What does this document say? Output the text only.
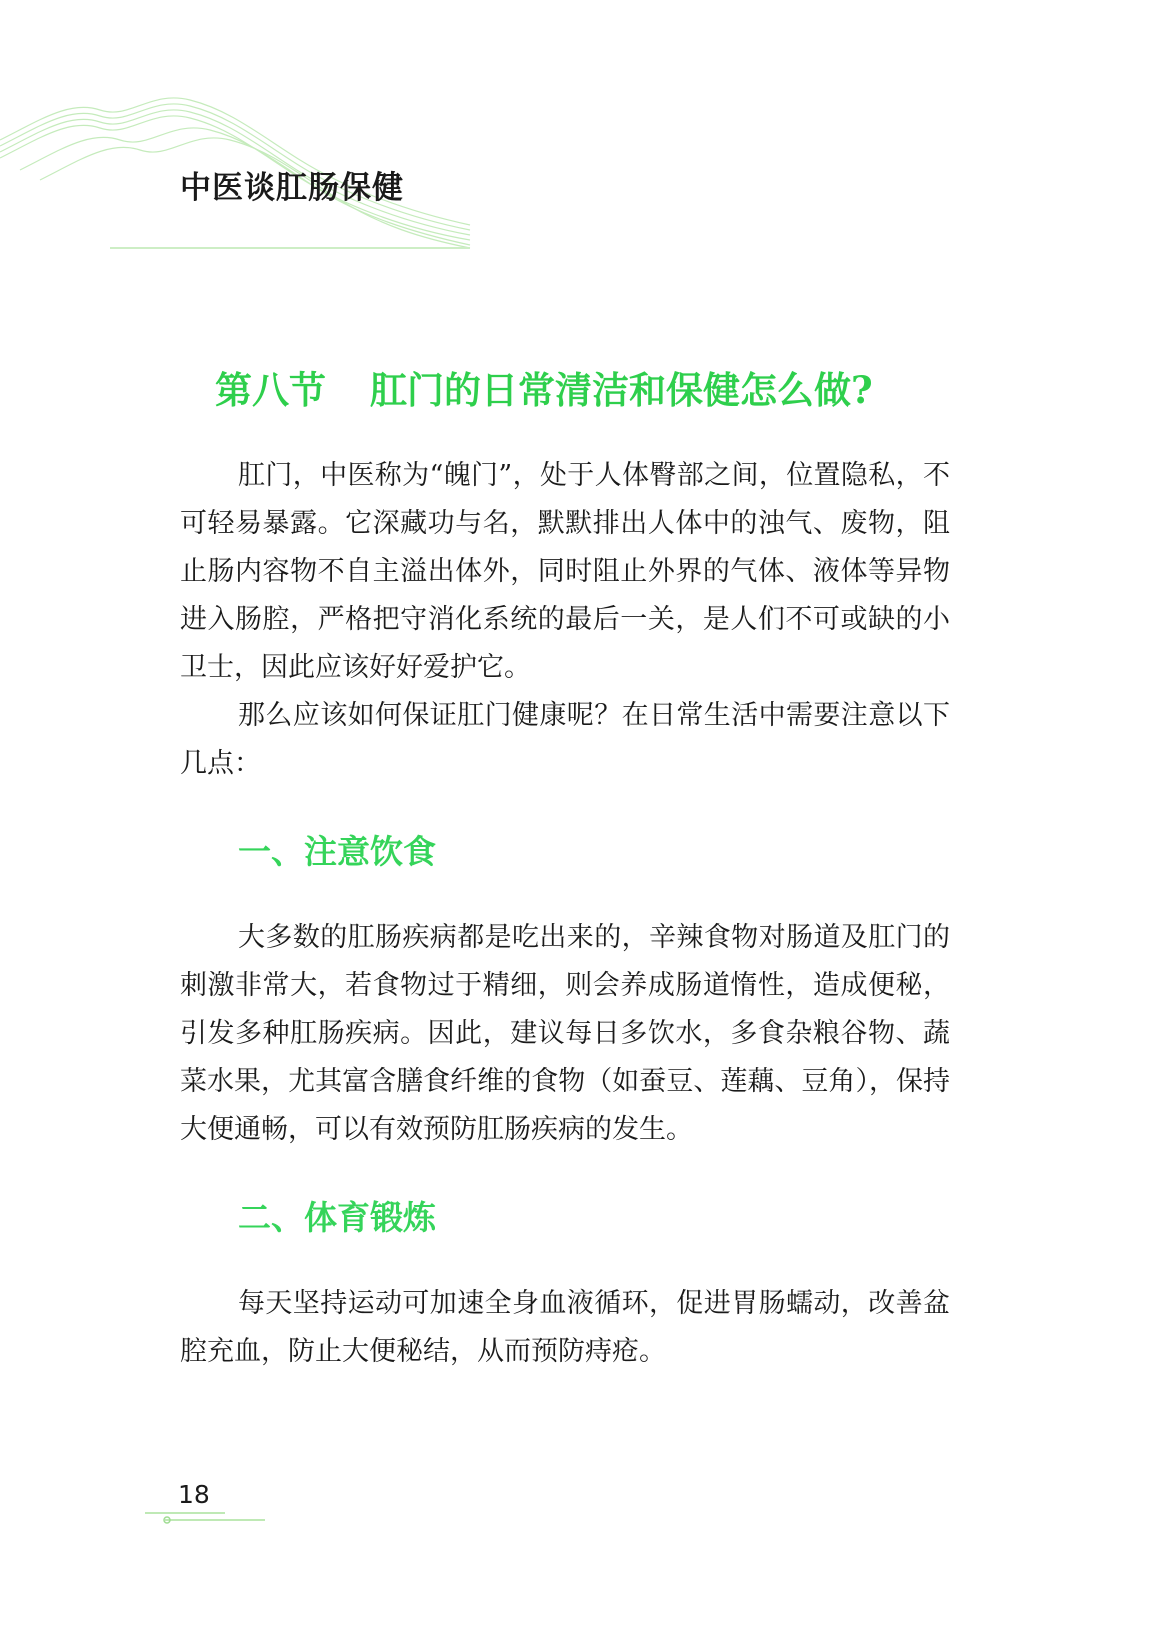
中医谈肛肠保健
第八节 肛门的日常清洁和保健怎么做?

肛门，中医称为“魄门”，处于人体臀部之间，位置隐私，不可轻易暴露。它深藏功与名，默默排出人体中的浊气、废物，阻止肠内容物不自主溢出体外，同时阻止外界的气体、液体等异物进入肠腔，严格把守消化系统的最后一关，是人们不可或缺的小卫士，因此应该好好爱护它。

那么应该如何保证肛门健康呢？在日常生活中需要注意以下几点：

一、注意饮食

大多数的肛肠疾病都是吃出来的，辛辣食物对肠道及肛门的刺激非常大，若食物过于精细，则会养成肠道惰性，造成便秘，引发多种肛肠疾病。因此，建议每日多饮水，多食杂粮谷物、蔬菜水果，尤其富含膳食纤维的食物（如蚕豆、莲藕、豆角），保持大便通畅，可以有效预防肛肠疾病的发生。

二、体育锻炼

每天坚持运动可加速全身血液循环，促进胃肠蠕动，改善盆腔充血，防止大便秘结，从而预防痔疮。

18
